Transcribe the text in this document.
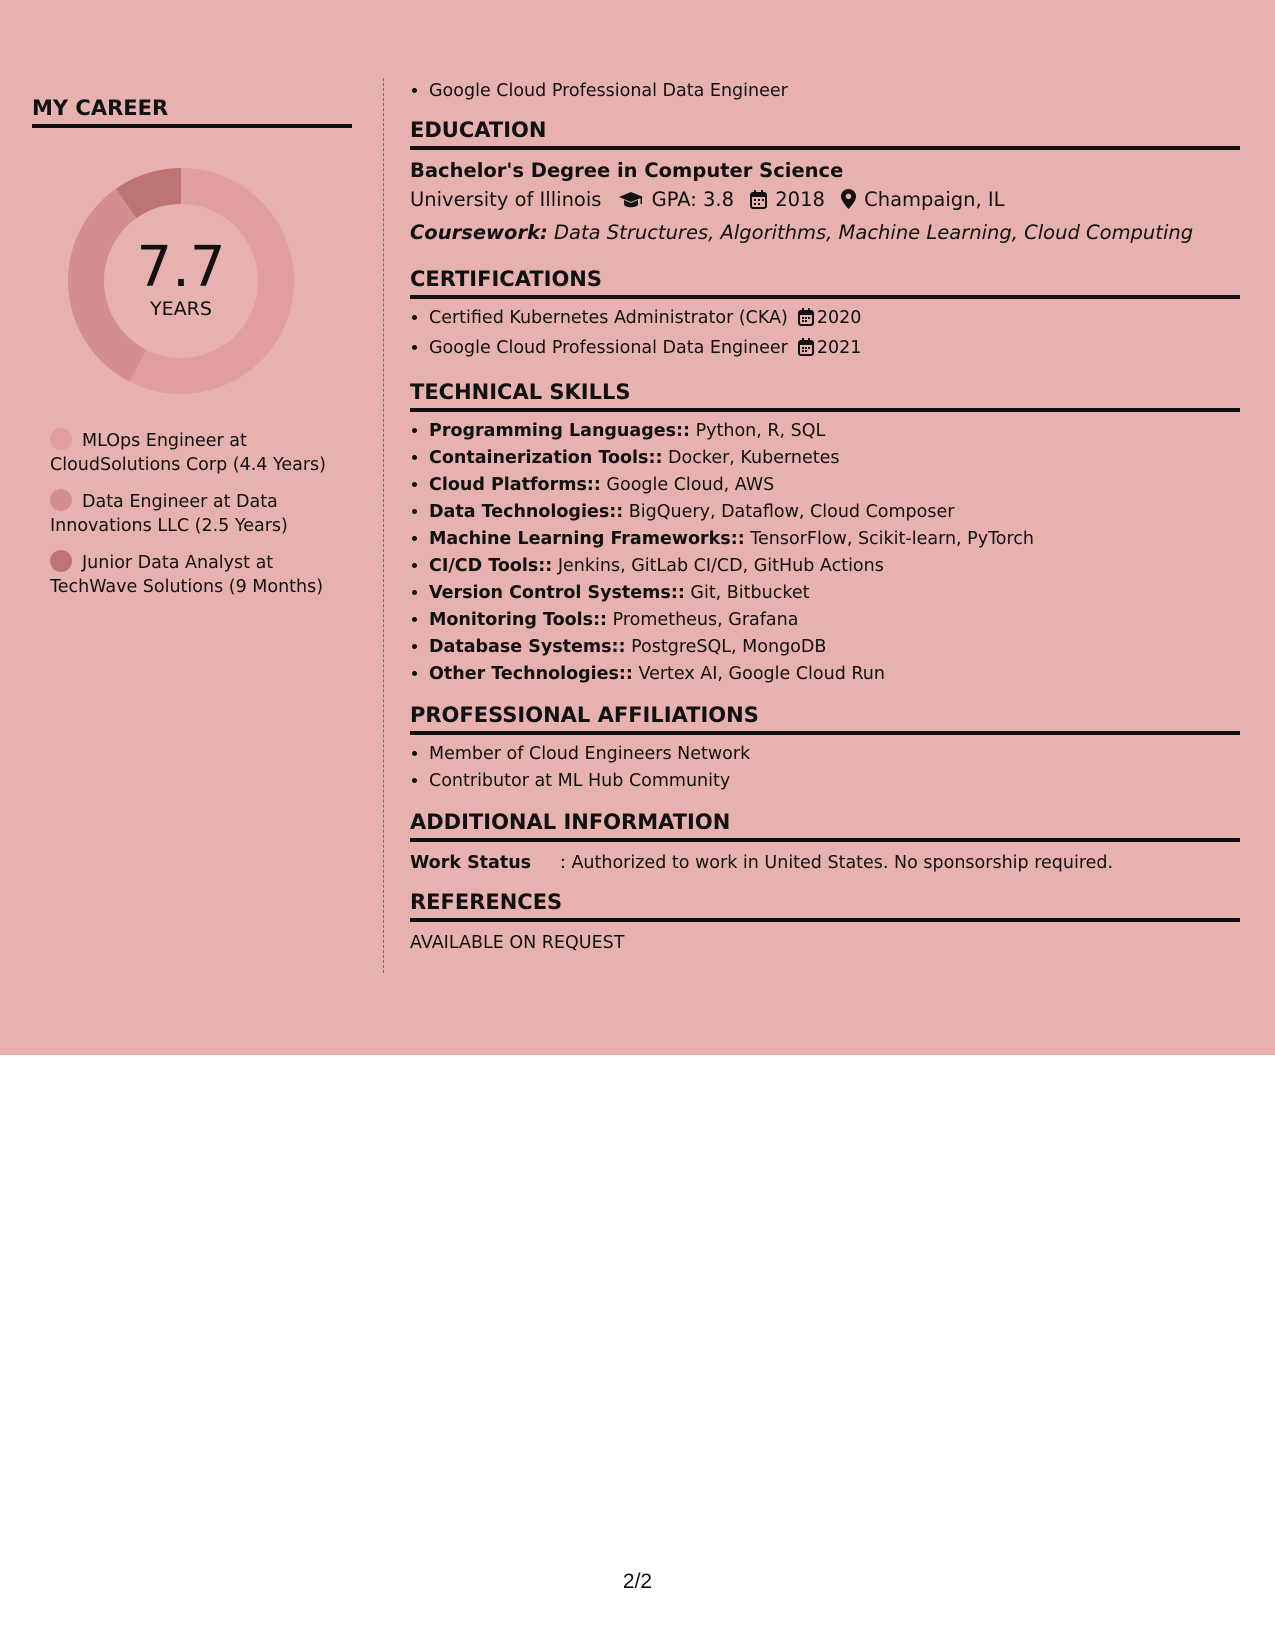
MY CAREER
7.7
YEARS
MLOps Engineer at CloudSolutions Corp (4.4 Years)
Data Engineer at Data Innovations LLC (2.5 Years)
Junior Data Analyst at TechWave Solutions (9 Months)
• Google Cloud Professional Data Engineer
EDUCATION
Bachelor's Degree in Computer Science
University of Illinois	GPA: 3.8 2018 Champaign, IL
Coursework: Data Structures, Algorithms, Machine Learning, Cloud Computing
CERTIFICATIONS
• Certified Kubernetes Administrator (CKA) 2020
• Google Cloud Professional Data Engineer 2021
TECHNICAL SKILLS
• Programming Languages:: Python, R, SQL
• Containerization Tools:: Docker, Kubernetes
• Cloud Platforms:: Google Cloud, AWS
• Data Technologies:: BigQuery, Dataflow, Cloud Composer
• Machine Learning Frameworks:: TensorFlow, Scikit-learn, PyTorch
• CI/CD Tools:: Jenkins, GitLab CI/CD, GitHub Actions
• Version Control Systems:: Git, Bitbucket
• Monitoring Tools:: Prometheus, Grafana
• Database Systems:: PostgreSQL, MongoDB
• Other Technologies:: Vertex AI, Google Cloud Run
PROFESSIONAL AFFILIATIONS
• Member of Cloud Engineers Network
• Contributor at ML Hub Community
ADDITIONAL INFORMATION
Work Status : Authorized to work in United States. No sponsorship required.
REFERENCES
AVAILABLE ON REQUEST
2/2
